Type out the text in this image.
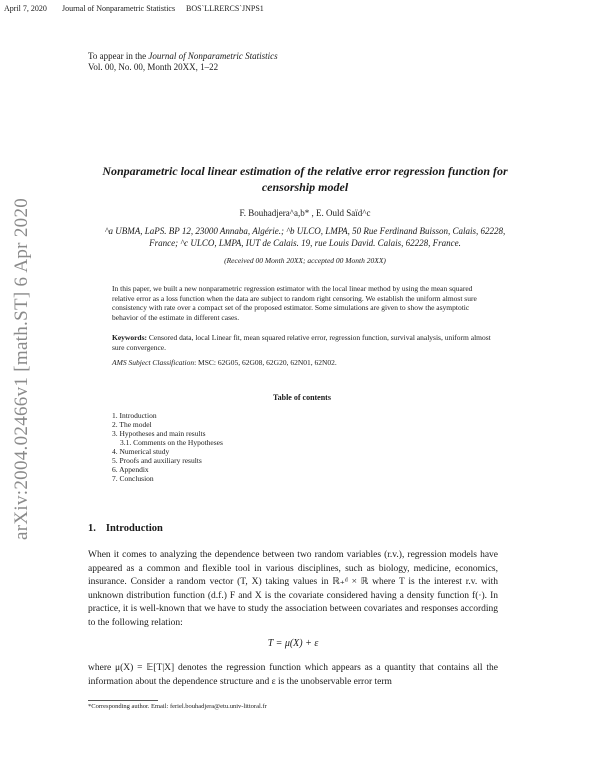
April 7, 2020 Journal of Nonparametric Statistics BOSˋLLRERCSˋJNPS1
To appear in the Journal of Nonparametric Statistics
Vol. 00, No. 00, Month 20XX, 1–22
Nonparametric local linear estimation of the relative error regression function for censorship model
F. Bouhadjera^a,b* , E. Ould Saïd^c
^a UBMA, LaPS. BP 12, 23000 Annaba, Algérie.; ^b ULCO, LMPA, 50 Rue Ferdinand Buisson, Calais, 62228, France; ^c ULCO, LMPA, IUT de Calais. 19, rue Louis David. Calais, 62228, France.
(Received 00 Month 20XX; accepted 00 Month 20XX)
In this paper, we built a new nonparametric regression estimator with the local linear method by using the mean squared relative error as a loss function when the data are subject to random right censoring. We establish the uniform almost sure consistency with rate over a compact set of the proposed estimator. Some simulations are given to show the asymptotic behavior of the estimate in different cases.
Keywords: Censored data, local Linear fit, mean squared relative error, regression function, survival analysis, uniform almost sure convergence.
AMS Subject Classification: MSC: 62G05, 62G08, 62G20, 62N01, 62N02.
Table of contents
1. Introduction
2. The model
3. Hypotheses and main results
3.1. Comments on the Hypotheses
4. Numerical study
5. Proofs and auxiliary results
6. Appendix
7. Conclusion
arXiv:2004.02466v1 [math.ST] 6 Apr 2020	1. Introduction
When it comes to analyzing the dependence between two random variables (r.v.), regression models have appeared as a common and flexible tool in various disciplines, such as biology, medicine, economics, insurance. Consider a random vector (T, X) taking values in ℝ₊ᵈ × ℝ where T is the interest r.v. with unknown distribution function (d.f.) F and X is the covariate considered having a density function f(·). In practice, it is well-known that we have to study the association between covariates and responses according to the following relation:
T = μ(X) + ε
where μ(X) = 𝔼[T|X] denotes the regression function which appears as a quantity that contains all the information about the dependence structure and ε is the unobservable error term
*Corresponding author. Email: feriel.bouhadjera@etu.univ-littoral.fr
